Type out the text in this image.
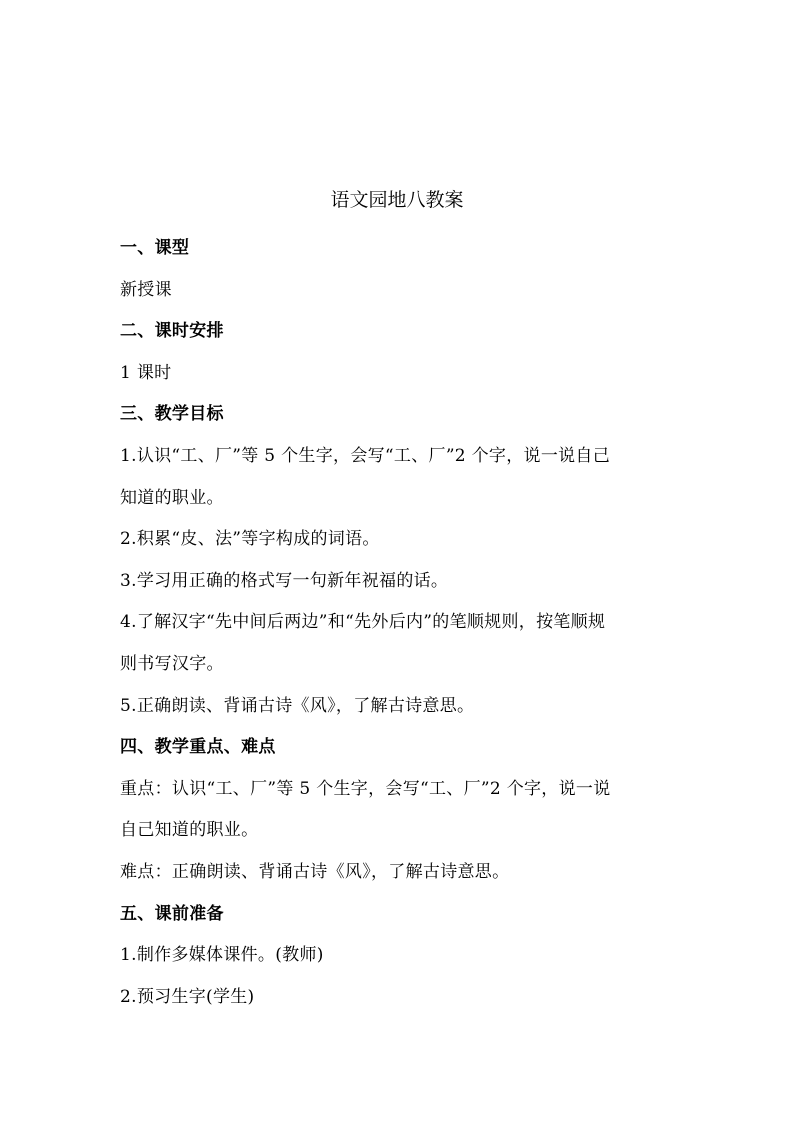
语文园地八教案
一、课型
新授课
二、课时安排
1 课时
三、教学目标
1.认识“工、厂”等 5 个生字，会写“工、厂”2 个字，说一说自己
知道的职业。
2.积累“皮、法”等字构成的词语。
3.学习用正确的格式写一句新年祝福的话。
4.了解汉字“先中间后两边”和“先外后内”的笔顺规则，按笔顺规
则书写汉字。
5.正确朗读、背诵古诗《风》，了解古诗意思。
四、教学重点、难点
重点：认识“工、厂”等 5 个生字，会写“工、厂”2 个字，说一说
自己知道的职业。
难点：正确朗读、背诵古诗《风》，了解古诗意思。
五、课前准备
1.制作多媒体课件。(教师)
2.预习生字(学生)
